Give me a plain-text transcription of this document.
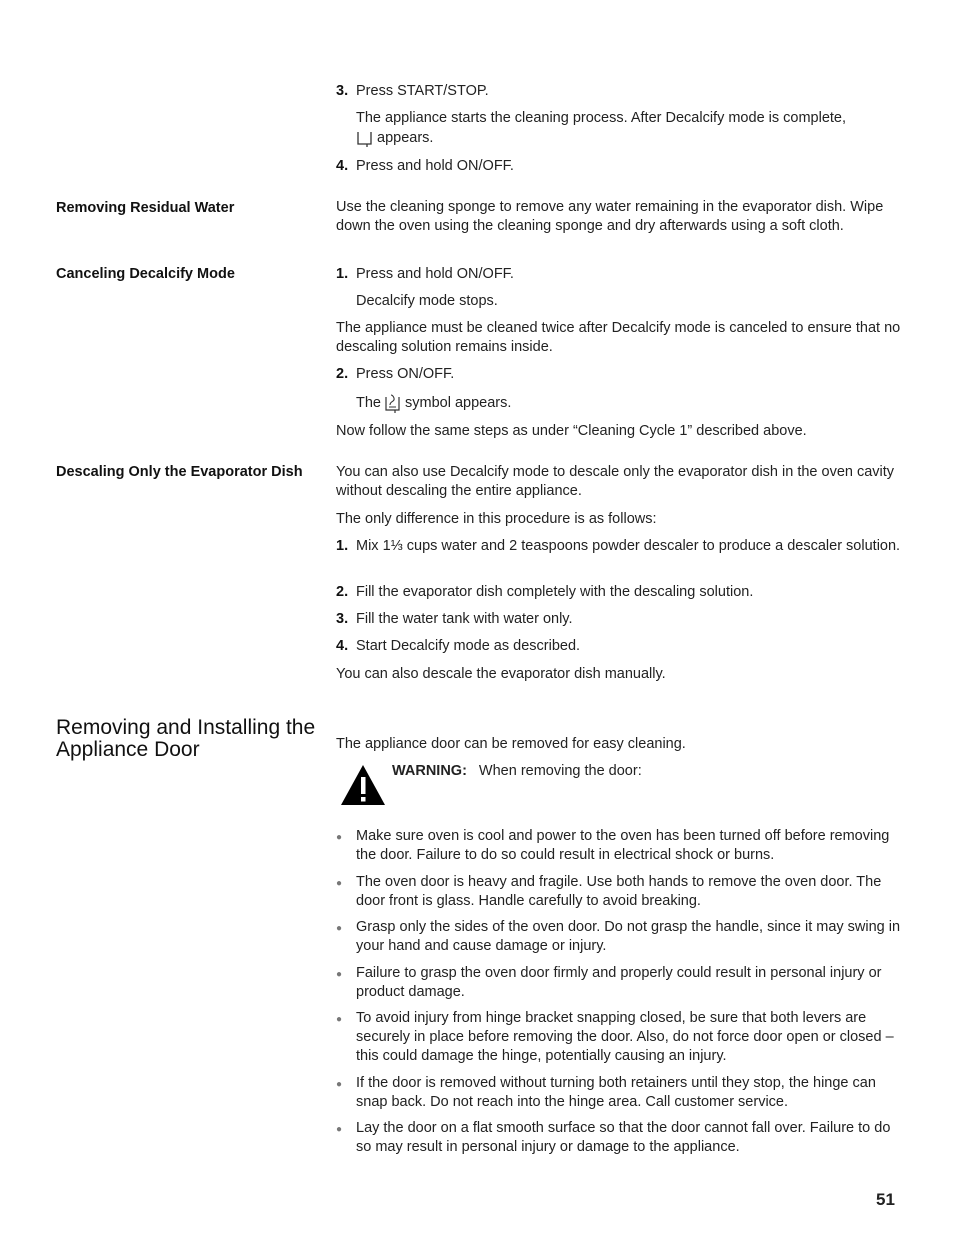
3. Press START/STOP.
The appliance starts the cleaning process. After Decalcify mode is complete,
appears.
4. Press and hold ON/OFF.
Removing Residual Water	Use the cleaning sponge to remove any water remaining in the evaporator dish. Wipe down the oven using the cleaning sponge and dry afterwards using a soft cloth.
Canceling Decalcify Mode	1. Press and hold ON/OFF.
Decalcify mode stops.
The appliance must be cleaned twice after Decalcify mode is canceled to ensure that no descaling solution remains inside.
2. Press ON/OFF.
The symbol appears.
Now follow the same steps as under “Cleaning Cycle 1” described above.
Descaling Only the Evaporator Dish You can also use Decalcify mode to descale only the evaporator dish in the oven cavity without descaling the entire appliance.
The only difference in this procedure is as follows:
1. Mix 1⅓ cups water and 2 teaspoons powder descaler to produce a descaler solution.
2. Fill the evaporator dish completely with the descaling solution.
3. Fill the water tank with water only.
4. Start Decalcify mode as described.
You can also descale the evaporator dish manually.
Removing and Installing the Appliance Door	The appliance door can be removed for easy cleaning.
WARNING: When removing the door:
● Make sure oven is cool and power to the oven has been turned off before removing the door. Failure to do so could result in electrical shock or burns.
● The oven door is heavy and fragile. Use both hands to remove the oven door. The door front is glass. Handle carefully to avoid breaking.
● Grasp only the sides of the oven door. Do not grasp the handle, since it may swing in your hand and cause damage or injury.
● Failure to grasp the oven door firmly and properly could result in personal injury or product damage.
● To avoid injury from hinge bracket snapping closed, be sure that both levers are securely in place before removing the door. Also, do not force door open or closed – this could damage the hinge, potentially causing an injury.
● If the door is removed without turning both retainers until they stop, the hinge can snap back. Do not reach into the hinge area. Call customer service.
● Lay the door on a flat smooth surface so that the door cannot fall over. Failure to do so may result in personal injury or damage to the appliance.
51
